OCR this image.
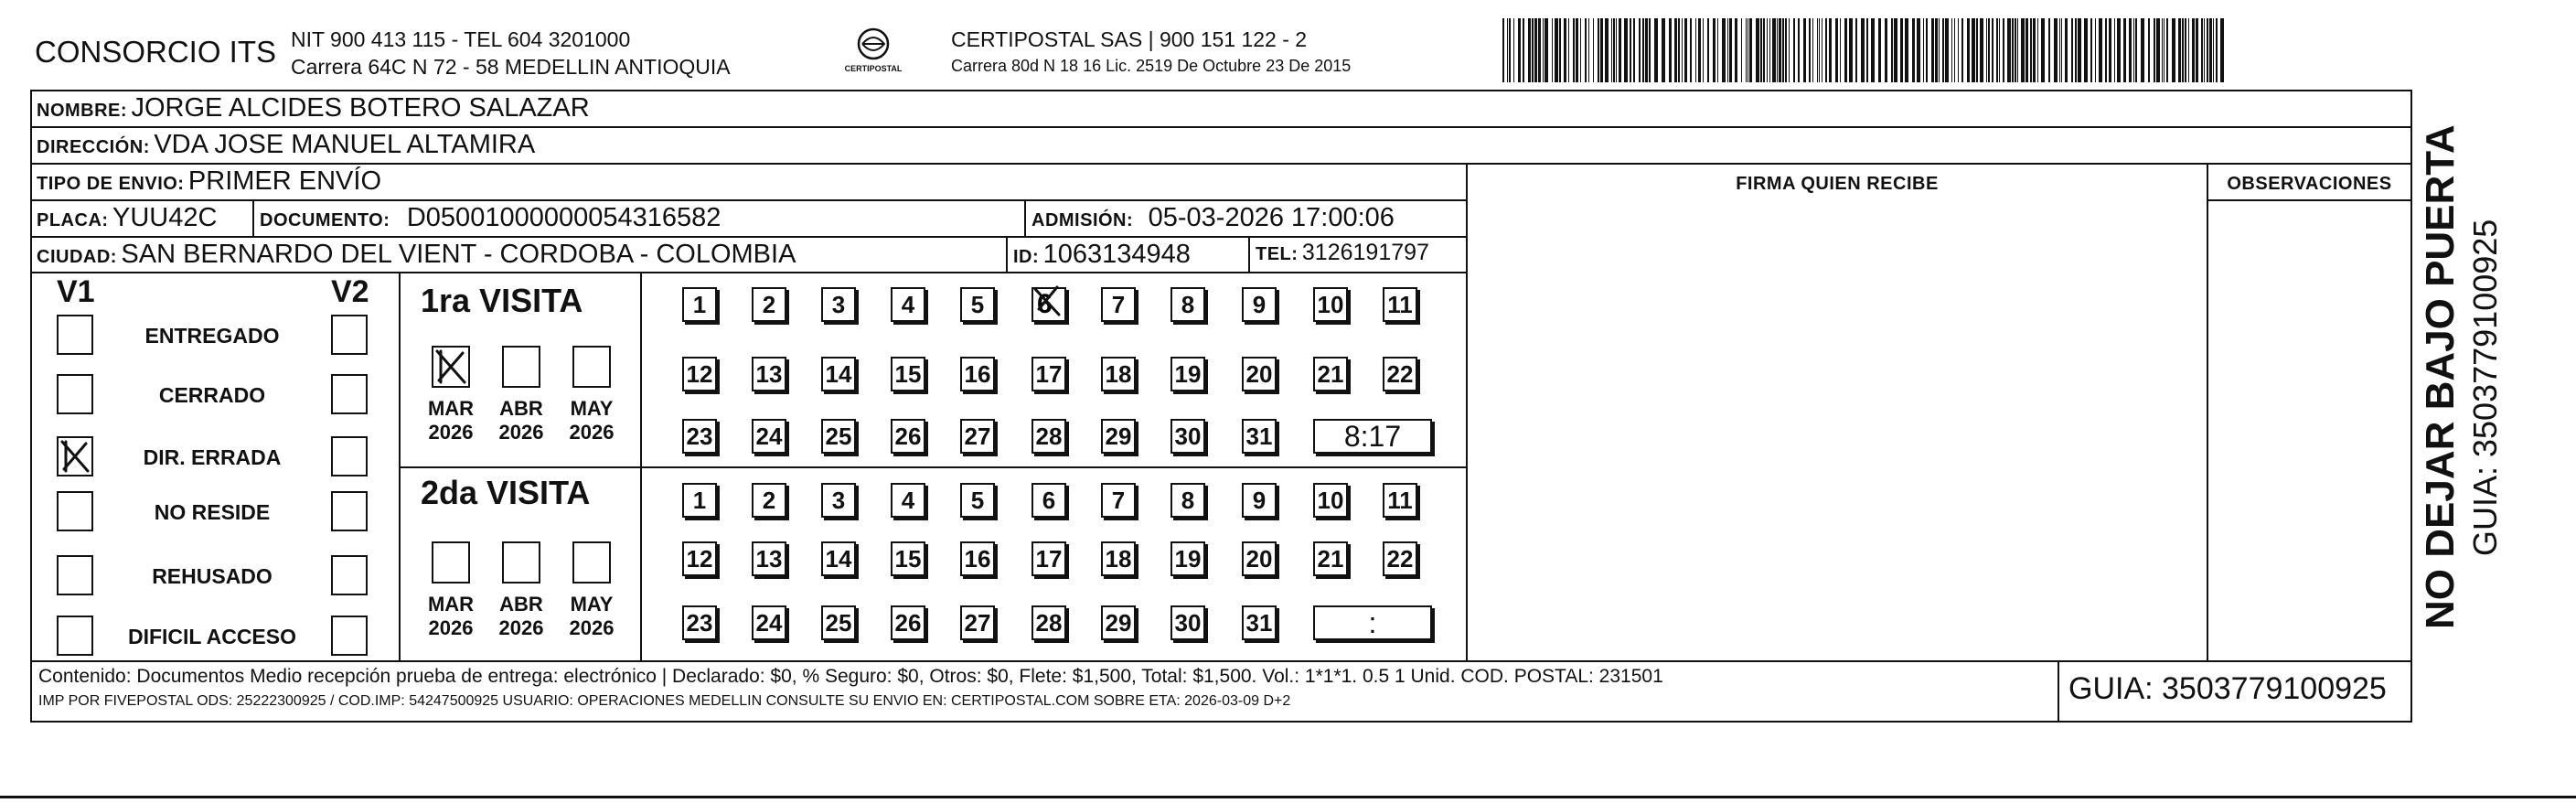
CONSORCIO ITS NIT 900 413 115 - TEL 604 3201000
Carrera 64C N 72 - 58 MEDELLIN ANTIOQUIA	CERTIPOSTAL
CERTIPOSTAL SAS | 900 151 122 - 2
Carrera 80d N 18 16 Lic. 2519 De Octubre 23 De 2015
NOMBRE: JORGE ALCIDES BOTERO SALAZAR
DIRECCIÓN: VDA JOSE MANUEL ALTAMIRA
TIPO DE ENVIO: PRIMER ENVÍO	FIRMA QUIEN RECIBE	OBSERVACIONES
PLACA: YUU42C DOCUMENTO: D05001000000054316582	ADMISIÓN: 05-03-2026 17:00:06
CIUDAD: SAN BERNARDO DEL VIENT - CORDOBA - COLOMBIA	ID: 1063134948	TEL: 3126191797
V1	V2 1ra VISITA
2da VISITA
Contenido: Documentos Medio recepción prueba de entrega: electrónico | Declarado: $0, % Seguro: $0, Otros: $0, Flete: $1,500, Total: $1,500. Vol.: 1*1*1. 0.5 1 Unid. COD. POSTAL: 231501
IMP POR FIVEPOSTAL ODS: 25222300925 / COD.IMP: 54247500925 USUARIO: OPERACIONES MEDELLIN CONSULTE SU ENVIO EN: CERTIPOSTAL.COM SOBRE ETA: 2026-03-09 D+2	GUIA: 3503779100925
NO DEJAR BAJO PUERTA GUIA: 3503779100925
ENTREGADO
CERRADO
DIR. ERRADA
NO RESIDE
REHUSADO
DIFICIL ACCESO
MAR
2026
ABR
2026
MAY
2026
MAR
2026
ABR
2026
MAY
2026
1	2	3	4	5	6	7	8	9	10 11
12 13 14 15 16 17 18 19 20 21 22
23 24 25 26 27 28 29 30 31	8:17
1	2	3	4	5	6	7	8	9	10 11
12 13 14 15 16 17 18 19 20 21 22
23 24 25 26 27 28 29 30 31	:
